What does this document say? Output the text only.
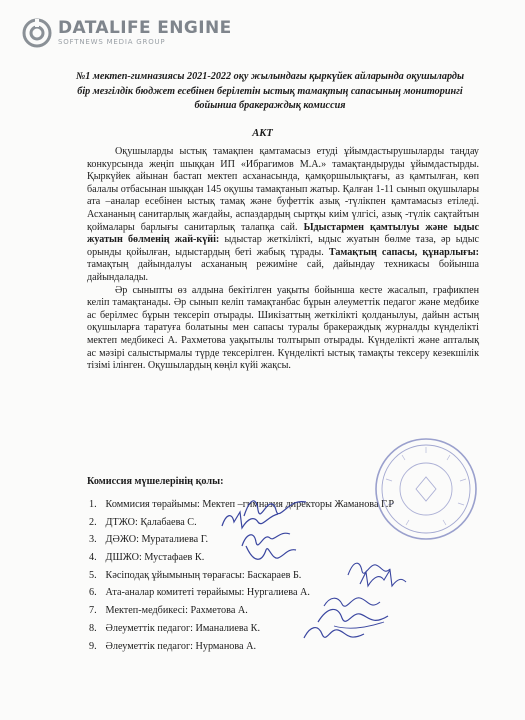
DATALIFE ENGINE
SOFTNEWS MEDIA GROUP
№1 мектеп-гимназиясы 2021-2022 оқу жылындағы қыркүйек айларында оқушыларды бір мезгілдік бюджет есебінен берілетін ыстық тамақтың сапасының мониторингі бойынша бракераждық комиссия
АКТ

Оқушыларды ыстық тамақпен қамтамасыз етуді ұйымдастырушыларды таңдау конкурсында жеңіп шыққан ИП «Ибрагимов М.А.» тамақтандыруды ұйымдастырды. Қыркүйек айынан бастап мектеп асханасында, қамқоршылықтағы, аз қамтылған, көп балалы отбасынан шыққан 145 оқушы тамақтанып жатыр. Қалған 1-11 сынып оқушылары ата –аналар есебінен ыстық тамақ және буфеттік азық -түлікпен қамтамасыз етіледі. Асхананың санитарлық жағдайы, аспаздардың сыртқы киім үлгісі, азық -түлік сақтайтын қоймалары барлығы санитарлық талапқа сай. Ыдыстармен қамтылуы және ыдыс жуатын бөлменің жай-күйі: ыдыстар жеткілікті, ыдыс жуатын бөлме таза, әр ыдыс орынды қойылған, ыдыстардың беті жабық тұрады. Тамақтың сапасы, құнарлығы: тамақтың дайындалуы асхананың режиміне сай, дайындау техникасы бойынша дайындалады.

Әр сыныпты өз алдына бекітілген уақыты бойынша кесте жасалып, графикпен келіп тамақтанады. Әр сынып келіп тамақтанбас бұрын әлеуметтік педагог және медбике ас берілмес бұрын тексеріп отырады. Шикізаттың жеткілікті қолданылуы, дайын астың оқушыларға таратуға болатыны мен сапасы туралы бракераждық журналды күнделікті мектеп медбикесі А. Рахметова уақытылы толтырып отырады. Күнделікті және апталық ас мәзірі салыстырмалы түрде тексерілген. Күнделікті ыстық тамақты тексеру кезекшілік тізімі ілінген. Оқушылардың көңіл күйі жақсы.

Комиссия мүшелерінің қолы:
1. Коммисия төрайымы: Мектеп –гимназия директоры Жаманова Г.Р
2. ДТЖО: Қалабаева С.
3. ДӘЖО: Мураталиева Г.
4. ДШЖО: Мустафаев К.
5. Кәсіподақ ұйымының төрағасы: Баскараев Б.
6. Ата-аналар комитеті төрайымы: Нургалиева А.
7. Мектеп-медбикесі: Рахметова А.
8. Әлеуметтік педагог: Иманалиева К.
9. Әлеуметтік педагог: Нурманова А.
